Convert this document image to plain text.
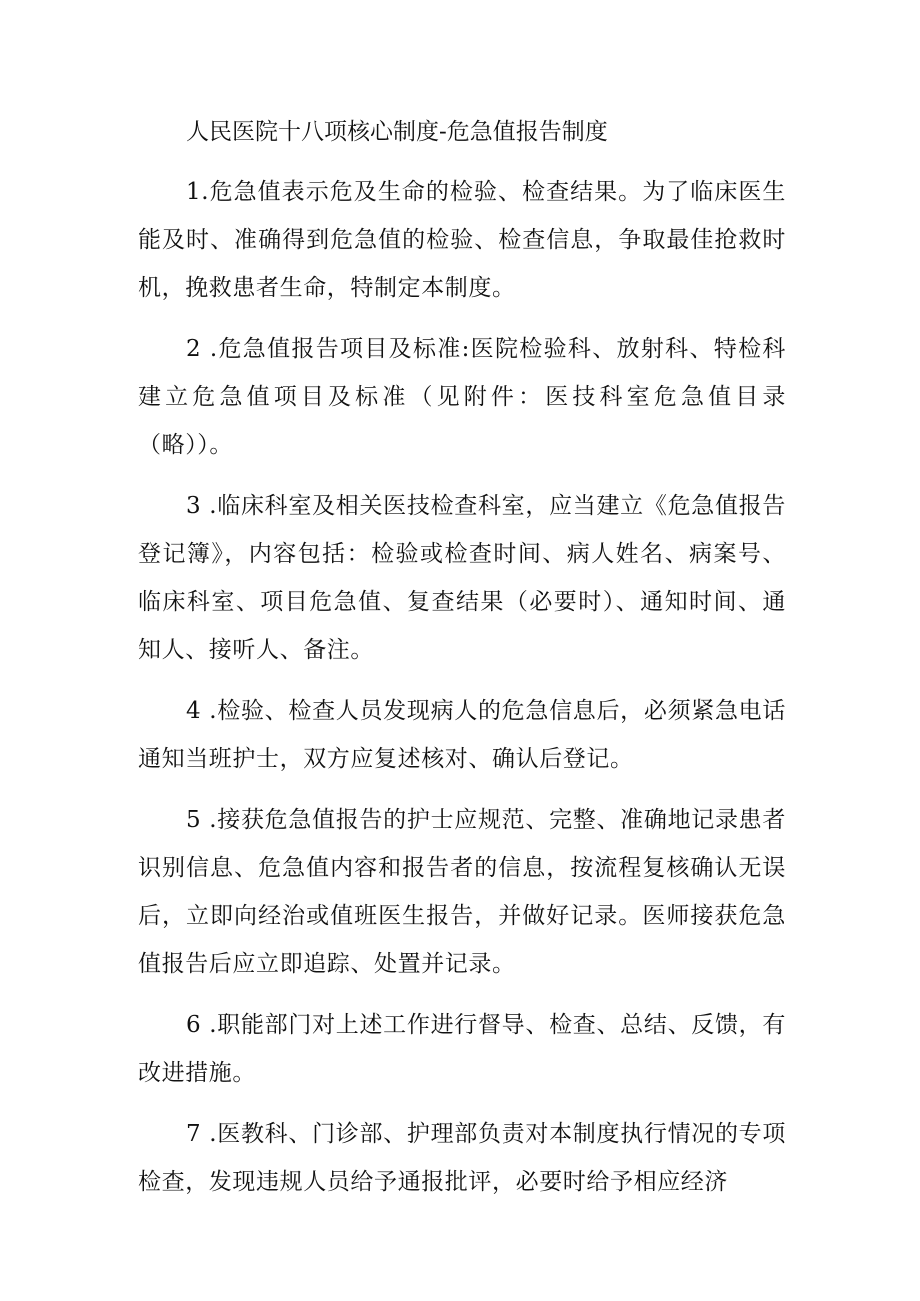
人民医院十八项核心制度-危急值报告制度

1.危急值表示危及生命的检验、检查结果。为了临床医生能及时、准确得到危急值的检验、检查信息，争取最佳抢救时机，挽救患者生命，特制定本制度。

2 .危急值报告项目及标准:医院检验科、放射科、特检科建立危急值项目及标准（见附件：医技科室危急值目录（略））。

3 .临床科室及相关医技检查科室，应当建立《危急值报告登记簿》，内容包括：检验或检查时间、病人姓名、病案号、临床科室、项目危急值、复查结果（必要时）、通知时间、通知人、接听人、备注。

4 .检验、检查人员发现病人的危急信息后，必须紧急电话通知当班护士，双方应复述核对、确认后登记。

5 .接获危急值报告的护士应规范、完整、准确地记录患者识别信息、危急值内容和报告者的信息，按流程复核确认无误后，立即向经治或值班医生报告，并做好记录。医师接获危急值报告后应立即追踪、处置并记录。

6 .职能部门对上述工作进行督导、检查、总结、反馈，有改进措施。

7 .医教科、门诊部、护理部负责对本制度执行情况的专项检查，发现违规人员给予通报批评，必要时给予相应经济
